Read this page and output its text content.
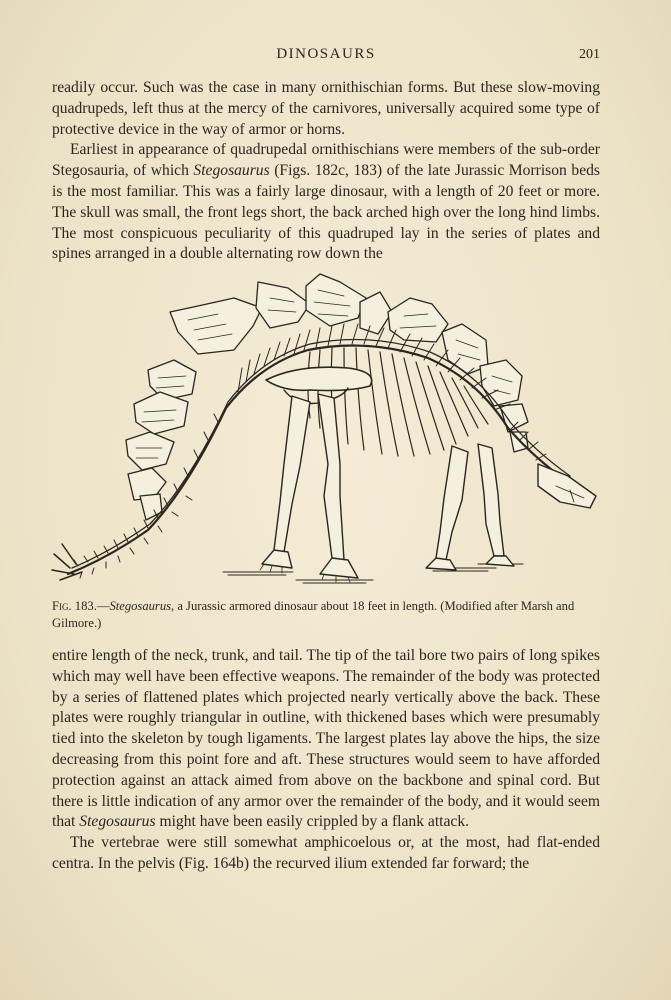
DINOSAURS	201

readily occur. Such was the case in many ornithischian forms. But these slow-moving quadrupeds, left thus at the mercy of the carnivores, universally acquired some type of protective device in the way of armor or horns.

Earliest in appearance of quadrupedal ornithischians were members of the sub-order Stegosauria, of which Stegosaurus (Figs. 182c, 183) of the late Jurassic Morrison beds is the most familiar. This was a fairly large dinosaur, with a length of 20 feet or more. The skull was small, the front legs short, the back arched high over the long hind limbs. The most conspicuous peculiarity of this quadruped lay in the series of plates and spines arranged in a double alternating row down the

Fig. 183.—Stegosaurus, a Jurassic armored dinosaur about 18 feet in length. (Modified after Marsh and Gilmore.)

entire length of the neck, trunk, and tail. The tip of the tail bore two pairs of long spikes which may well have been effective weapons. The remainder of the body was protected by a series of flattened plates which projected nearly vertically above the back. These plates were roughly triangular in outline, with thickened bases which were presumably tied into the skeleton by tough ligaments. The largest plates lay above the hips, the size decreasing from this point fore and aft. These structures would seem to have afforded protection against an attack aimed from above on the backbone and spinal cord. But there is little indication of any armor over the remainder of the body, and it would seem that Stegosaurus might have been easily crippled by a flank attack.

The vertebrae were still somewhat amphicoelous or, at the most, had flat-ended centra. In the pelvis (Fig. 164b) the recurved ilium extended far forward; the
